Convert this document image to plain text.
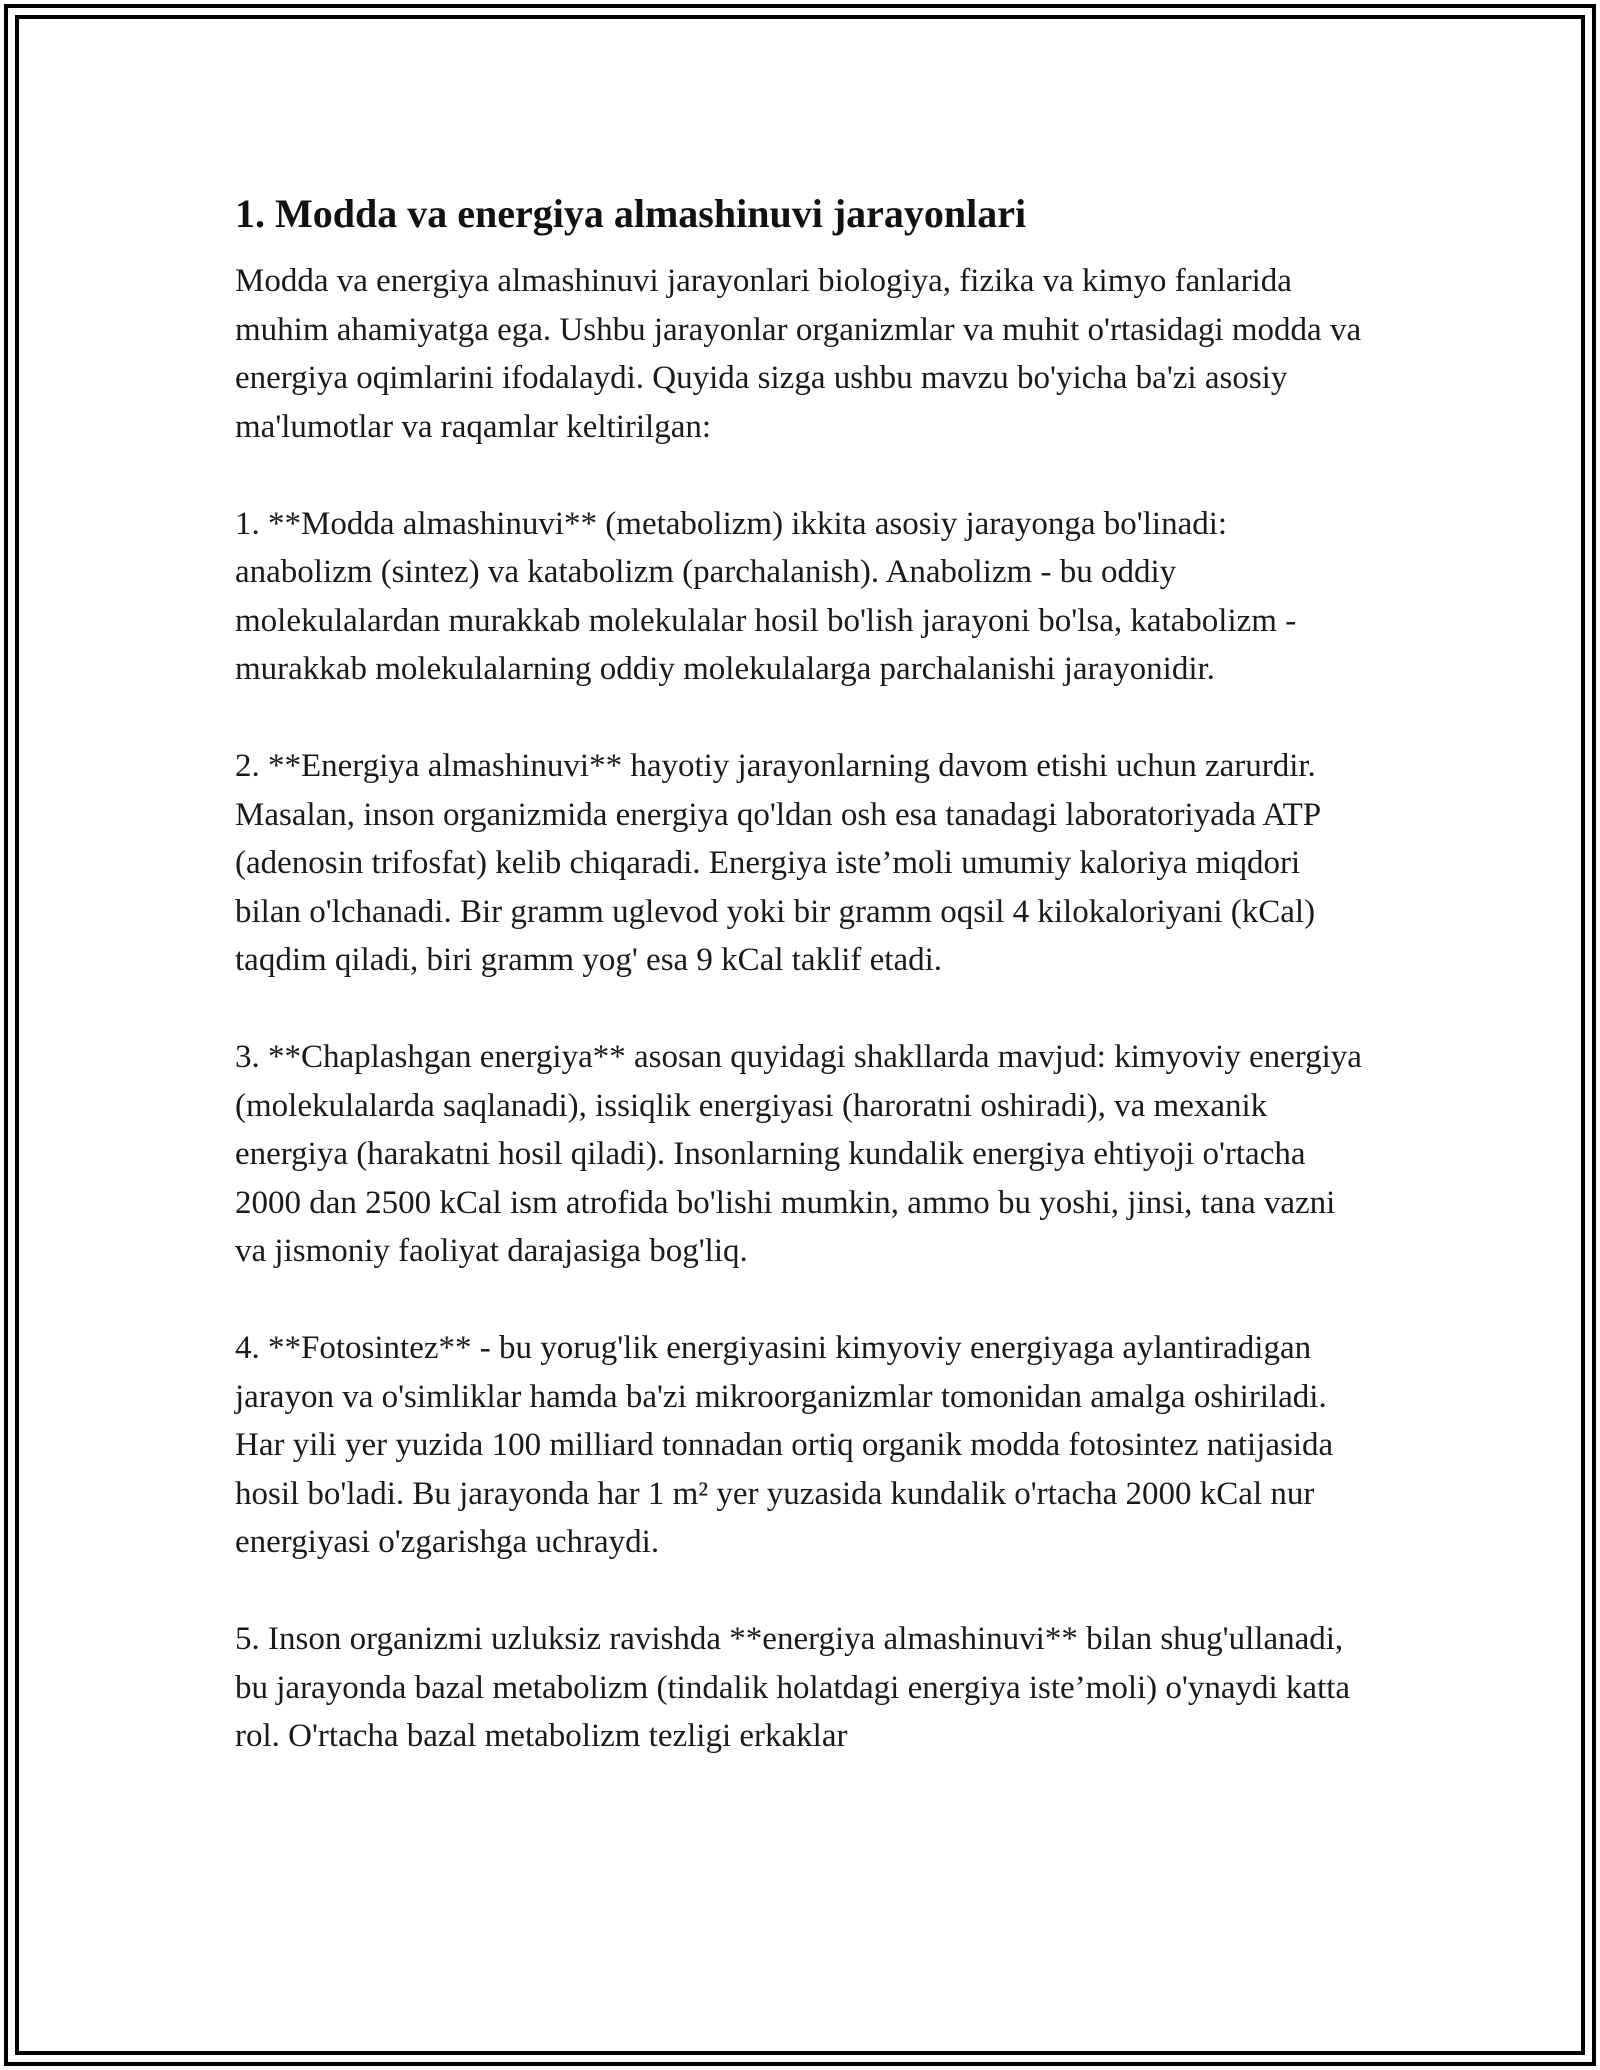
1. Modda va energiya almashinuvi jarayonlari

Modda va energiya almashinuvi jarayonlari biologiya, fizika va kimyo fanlarida muhim ahamiyatga ega. Ushbu jarayonlar organizmlar va muhit o'rtasidagi modda va energiya oqimlarini ifodalaydi. Quyida sizga ushbu mavzu bo'yicha ba'zi asosiy ma'lumotlar va raqamlar keltirilgan:

1. **Modda almashinuvi** (metabolizm) ikkita asosiy jarayonga bo'linadi: anabolizm (sintez) va katabolizm (parchalanish). Anabolizm - bu oddiy molekulalardan murakkab molekulalar hosil bo'lish jarayoni bo'lsa, katabolizm - murakkab molekulalarning oddiy molekulalarga parchalanishi jarayonidir.

2. **Energiya almashinuvi** hayotiy jarayonlarning davom etishi uchun zarurdir. Masalan, inson organizmida energiya qo'ldan osh esa tanadagi laboratoriyada ATP (adenosin trifosfat) kelib chiqaradi. Energiya iste’moli umumiy kaloriya miqdori bilan o'lchanadi. Bir gramm uglevod yoki bir gramm oqsil 4 kilokaloriyani (kCal) taqdim qiladi, biri gramm yog' esa 9 kCal taklif etadi.

3. **Chaplashgan energiya** asosan quyidagi shakllarda mavjud: kimyoviy energiya (molekulalarda saqlanadi), issiqlik energiyasi (haroratni oshiradi), va mexanik energiya (harakatni hosil qiladi). Insonlarning kundalik energiya ehtiyoji o'rtacha 2000 dan 2500 kCal ism atrofida bo'lishi mumkin, ammo bu yoshi, jinsi, tana vazni va jismoniy faoliyat darajasiga bog'liq.

4. **Fotosintez** - bu yorug'lik energiyasini kimyoviy energiyaga aylantiradigan jarayon va o'simliklar hamda ba'zi mikroorganizmlar tomonidan amalga oshiriladi. Har yili yer yuzida 100 milliard tonnadan ortiq organik modda fotosintez natijasida hosil bo'ladi. Bu jarayonda har 1 m² yer yuzasida kundalik o'rtacha 2000 kCal nur energiyasi o'zgarishga uchraydi.

5. Inson organizmi uzluksiz ravishda **energiya almashinuvi** bilan shug'ullanadi, bu jarayonda bazal metabolizm (tindalik holatdagi energiya iste’moli) o'ynaydi katta rol. O'rtacha bazal metabolizm tezligi erkaklar
